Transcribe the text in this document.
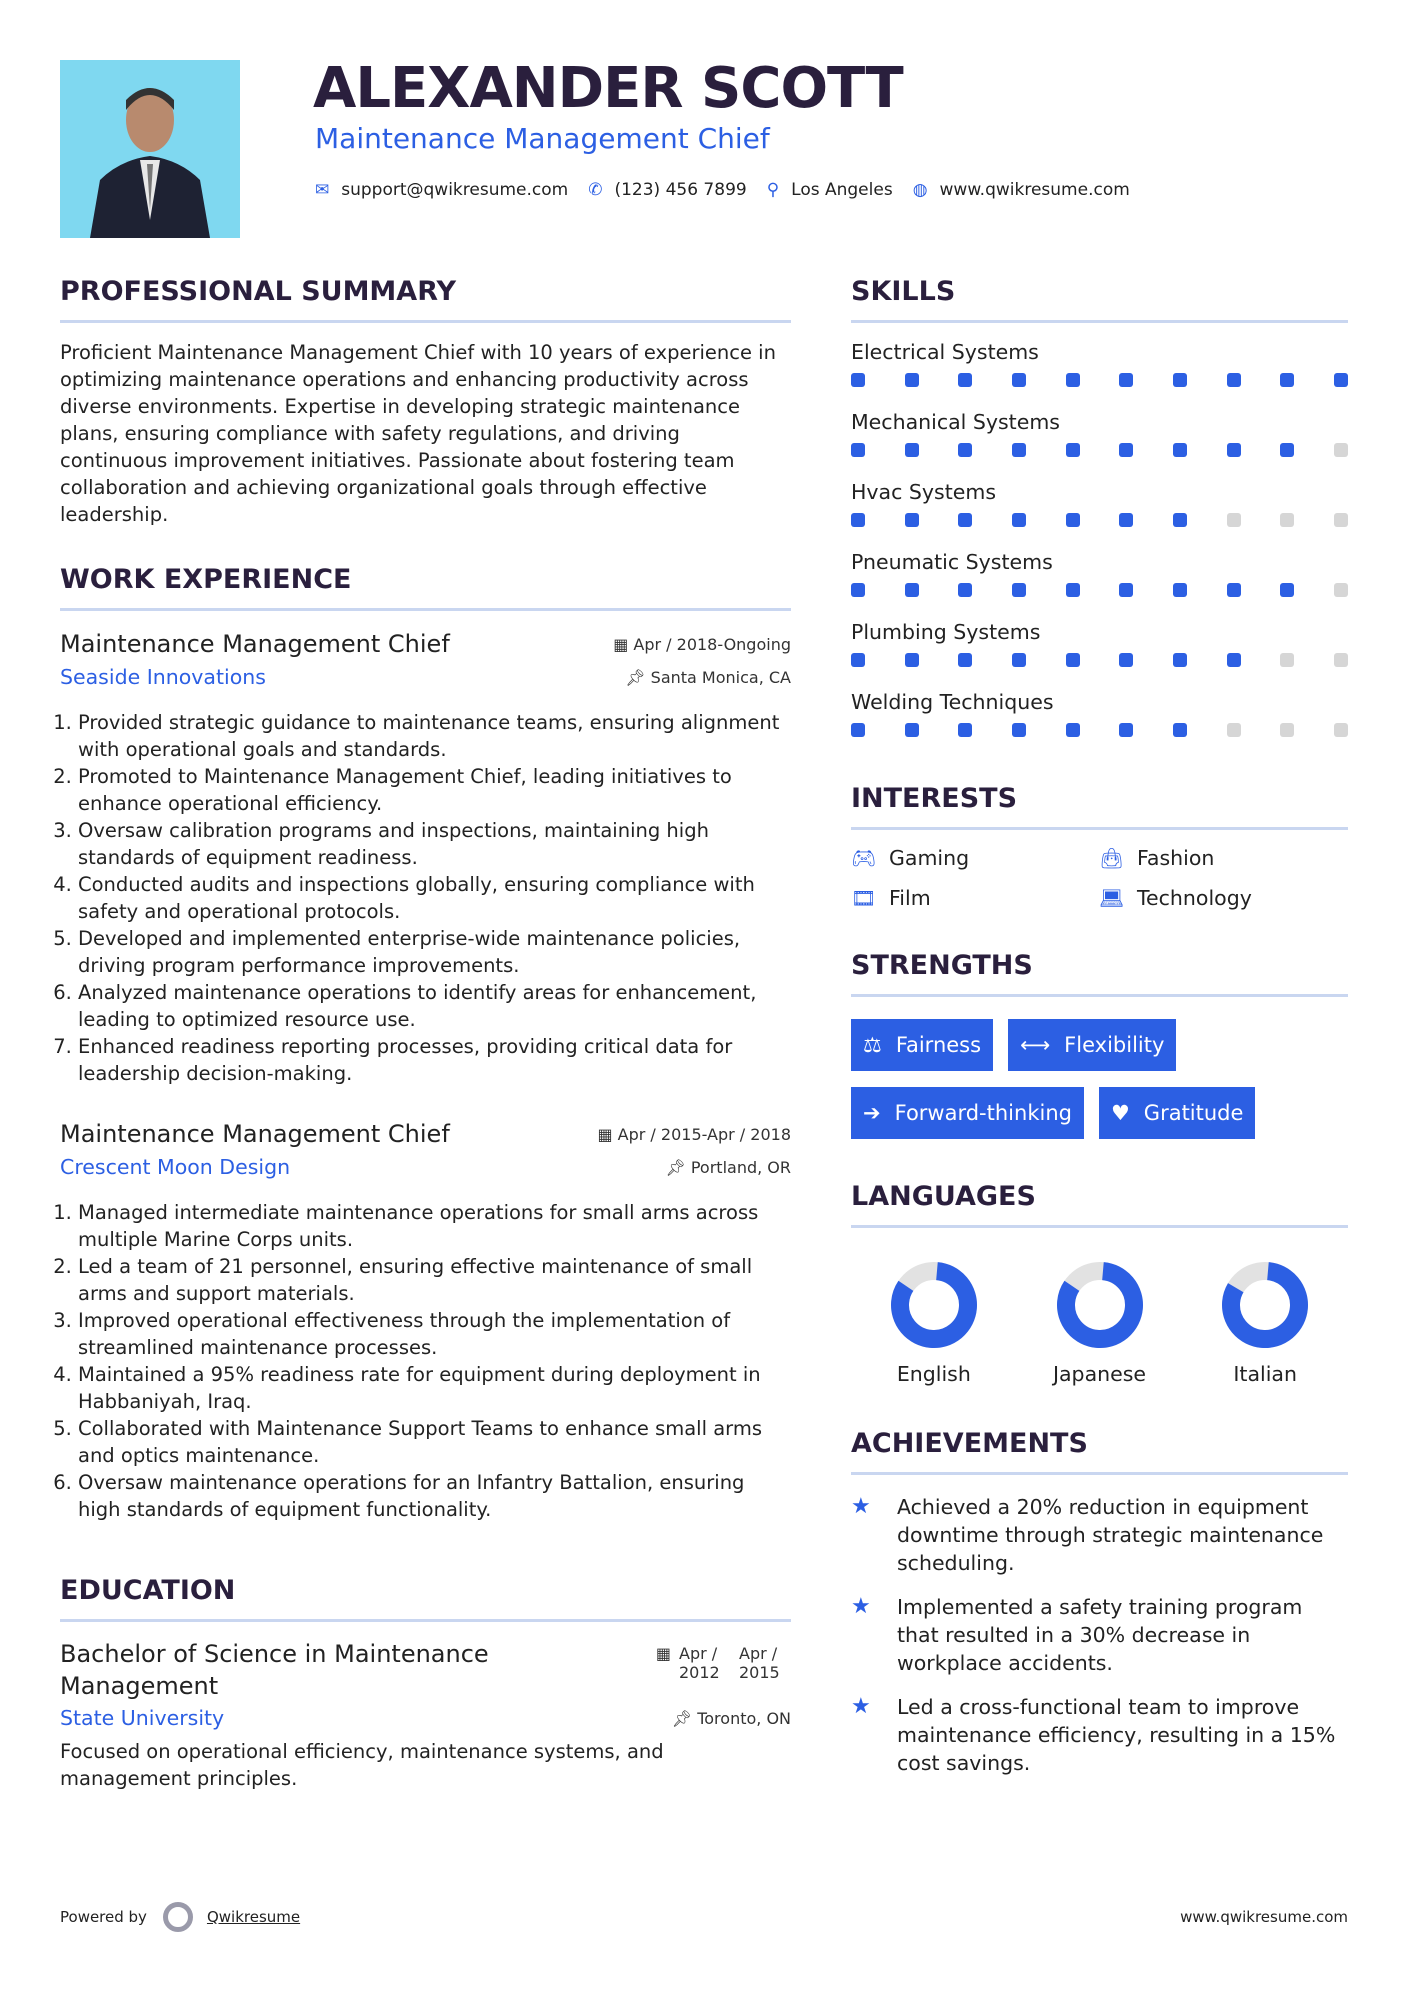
ALEXANDER SCOTT
Maintenance Management Chief
✉ support@qwikresume.com ✆ (123) 456 7899 ⚲ Los Angeles ◍ www.qwikresume.com
PROFESSIONAL SUMMARY

Proficient Maintenance Management Chief with 10 years of experience in optimizing maintenance operations and enhancing productivity across diverse environments. Expertise in developing strategic maintenance plans, ensuring compliance with safety regulations, and driving continuous improvement initiatives. Passionate about fostering team collaboration and achieving organizational goals through effective leadership.

WORK EXPERIENCE
Maintenance Management Chief	▦ Apr / 2018-Ongoing
Seaside Innovations	📌︎ Santa Monica, CA
1. Provided strategic guidance to maintenance teams, ensuring alignment with operational goals and standards.
2. Promoted to Maintenance Management Chief, leading initiatives to enhance operational efficiency.
3. Oversaw calibration programs and inspections, maintaining high standards of equipment readiness.
4. Conducted audits and inspections globally, ensuring compliance with safety and operational protocols.
5. Developed and implemented enterprise-wide maintenance policies, driving program performance improvements.
6. Analyzed maintenance operations to identify areas for enhancement, leading to optimized resource use.
7. Enhanced readiness reporting processes, providing critical data for leadership decision-making.
Maintenance Management Chief	▦ Apr / 2015-Apr / 2018
Crescent Moon Design	📌︎ Portland, OR
1. Managed intermediate maintenance operations for small arms across multiple Marine Corps units.
2. Led a team of 21 personnel, ensuring effective maintenance of small arms and support materials.
3. Improved operational effectiveness through the implementation of streamlined maintenance processes.
4. Maintained a 95% readiness rate for equipment during deployment in Habbaniyah, Iraq.
5. Collaborated with Maintenance Support Teams to enhance small arms and optics maintenance.
6. Oversaw maintenance operations for an Infantry Battalion, ensuring high standards of equipment functionality.
EDUCATION
Bachelor of Science in Maintenance Management
▦ Apr / 2012
Apr / 2015
State University	📌︎ Toronto, ON

Focused on operational efficiency, maintenance systems, and management principles.

SKILLS
Electrical Systems
Mechanical Systems
Hvac Systems
Pneumatic Systems
Plumbing Systems
Welding Techniques
INTERESTS
🎮︎ Gaming	👜︎ Fashion
🎞︎ Film	💻︎ Technology
STRENGTHS
⚖ Fairness ⟷ Flexibility
➔ Forward-thinking ♥ Gratitude
LANGUAGES
English	Japanese	Italian
ACHIEVEMENTS
★	Achieved a 20% reduction in equipment downtime through strategic maintenance scheduling.
★	Implemented a safety training program that resulted in a 30% decrease in workplace accidents.
★	Led a cross-functional team to improve maintenance efficiency, resulting in a 15% cost savings.
Powered by	Qwikresume	www.qwikresume.com
